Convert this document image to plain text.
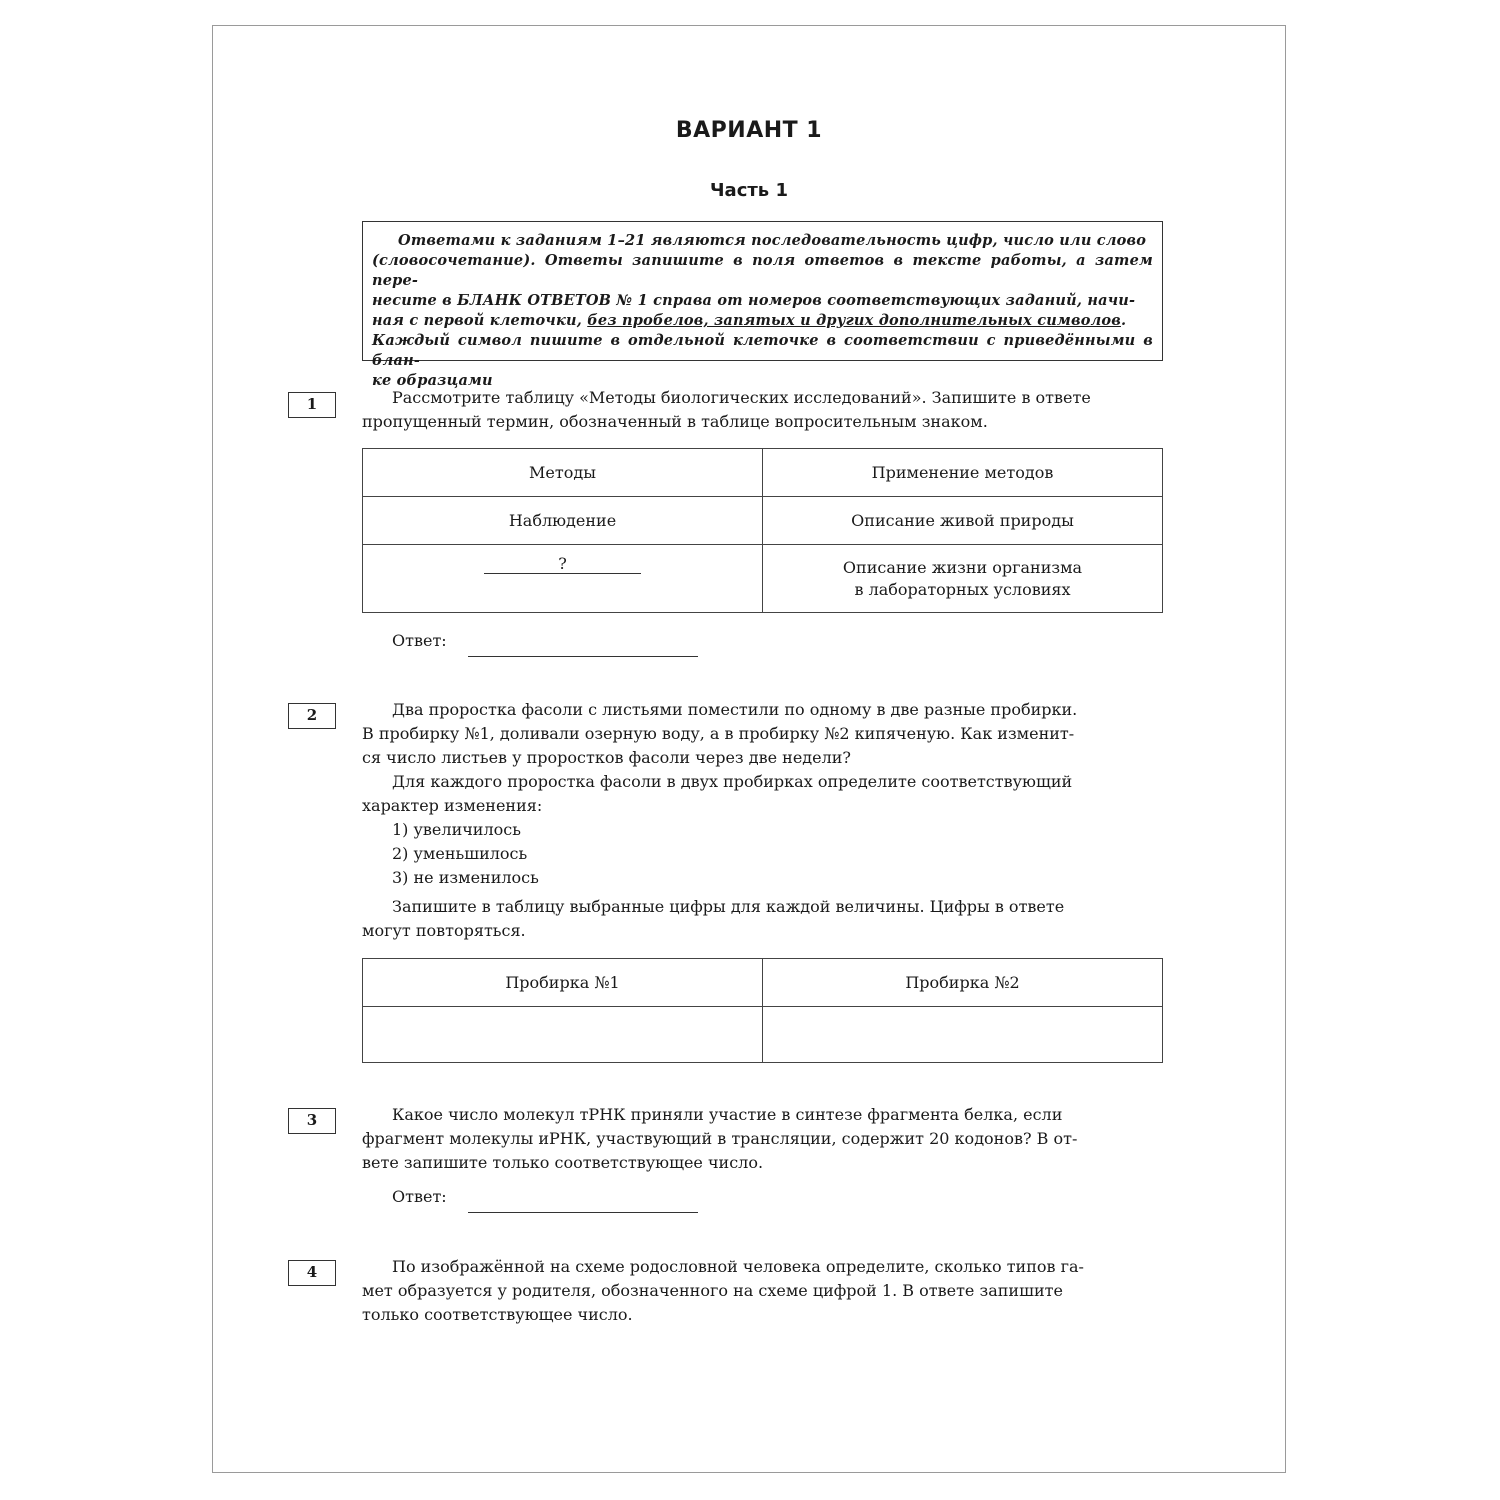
ВАРИАНТ 1
Часть 1
Ответами к заданиям 1–21 являются последовательность цифр, число или слово
(словосочетание). Ответы запишите в поля ответов в тексте работы, а затем пере-
несите в БЛАНК ОТВЕТОВ № 1 справа от номеров соответствующих заданий, начи-
ная с первой клеточки, без пробелов, запятых и других дополнительных символов.
Каждый символ пишите в отдельной клеточке в соответствии с приведёнными в блан-
ке образцами
1	Рассмотрите таблицу «Методы биологических исследований». Запишите в ответе
пропущенный термин, обозначенный в таблице вопросительным знаком.
Методы	Применение методов
Наблюдение	Описание живой природы
?	Описание жизни организма
в лабораторных условиях
Ответ:
2	Два проростка фасоли с листьями поместили по одному в две разные пробирки.
В пробирку №1, доливали озерную воду, а в пробирку №2 кипяченую. Как изменит-
ся число листьев у проростков фасоли через две недели?
Для каждого проростка фасоли в двух пробирках определите соответствующий
характер изменения:
1) увеличилось
2) уменьшилось
3) не изменилось
Запишите в таблицу выбранные цифры для каждой величины. Цифры в ответе
могут повторяться.
Пробирка №1	Пробирка №2

3	Какое число молекул тРНК приняли участие в синтезе фрагмента белка, если
фрагмент молекулы иРНК, участвующий в трансляции, содержит 20 кодонов? В от-
вете запишите только соответствующее число.
Ответ:
4	По изображённой на схеме родословной человека определите, сколько типов га-
мет образуется у родителя, обозначенного на схеме цифрой 1. В ответе запишите
только соответствующее число.
